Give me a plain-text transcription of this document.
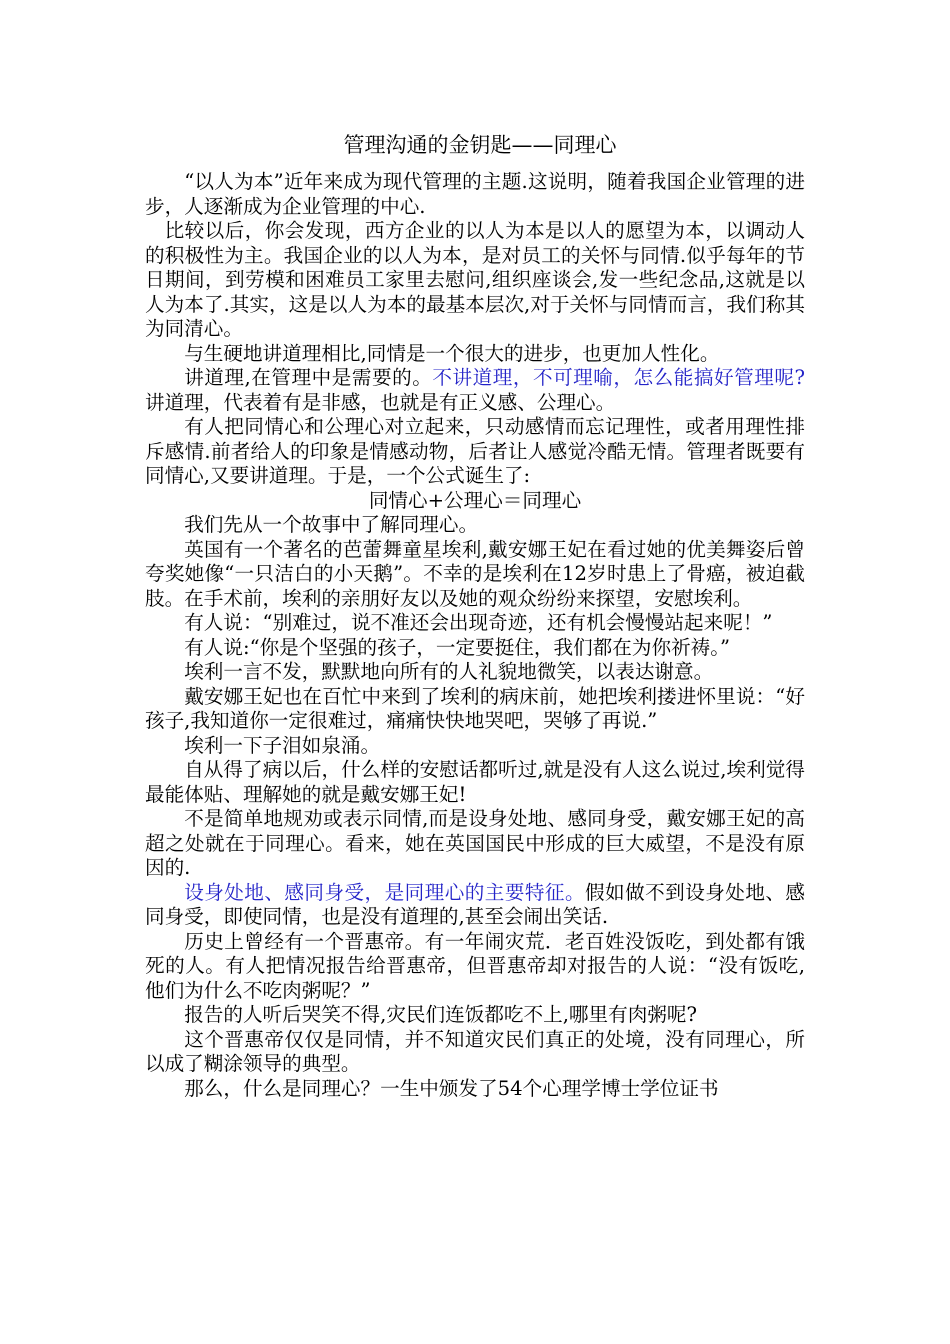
管理沟通的金钥匙——同理心

“以人为本”近年来成为现代管理的主题.这说明，随着我国企业管理的进步，人逐渐成为企业管理的中心.

比较以后，你会发现，西方企业的以人为本是以人的愿望为本，以调动人的积极性为主。我国企业的以人为本，是对员工的关怀与同情.似乎每年的节日期间，到劳模和困难员工家里去慰问,组织座谈会,发一些纪念品,这就是以人为本了.其实，这是以人为本的最基本层次,对于关怀与同情而言，我们称其为同清心。

与生硬地讲道理相比,同情是一个很大的进步，也更加人性化。

讲道理,在管理中是需要的。不讲道理，不可理喻，怎么能搞好管理呢?讲道理，代表着有是非感，也就是有正义感、公理心。

有人把同情心和公理心对立起来，只动感情而忘记理性，或者用理性排斥感情.前者给人的印象是情感动物，后者让人感觉冷酷无情。管理者既要有同情心,又要讲道理。于是，一个公式诞生了:

同情心+公理心＝同理心

我们先从一个故事中了解同理心。

英国有一个著名的芭蕾舞童星埃利,戴安娜王妃在看过她的优美舞姿后曾夸奖她像“一只洁白的小天鹅”。不幸的是埃利在12岁时患上了骨癌，被迫截肢。在手术前，埃利的亲朋好友以及她的观众纷纷来探望，安慰埃利。

有人说：“别难过，说不准还会出现奇迹，还有机会慢慢站起来呢！”

有人说:“你是个坚强的孩子，一定要挺住，我们都在为你祈祷。”

埃利一言不发，默默地向所有的人礼貌地微笑，以表达谢意。

戴安娜王妃也在百忙中来到了埃利的病床前，她把埃利搂进怀里说：“好孩子,我知道你一定很难过，痛痛快快地哭吧，哭够了再说.”

埃利一下子泪如泉涌。

自从得了病以后，什么样的安慰话都听过,就是没有人这么说过,埃利觉得最能体贴、理解她的就是戴安娜王妃!

不是简单地规劝或表示同情,而是设身处地、感同身受，戴安娜王妃的高超之处就在于同理心。看来，她在英国国民中形成的巨大威望，不是没有原因的.

设身处地、感同身受，是同理心的主要特征。假如做不到设身处地、感同身受，即使同情，也是没有道理的,甚至会闹出笑话.

历史上曾经有一个晋惠帝。有一年闹灾荒．老百姓没饭吃，到处都有饿死的人。有人把情况报告给晋惠帝，但晋惠帝却对报告的人说：“没有饭吃,他们为什么不吃肉粥呢？”

报告的人听后哭笑不得,灾民们连饭都吃不上,哪里有肉粥呢?

这个晋惠帝仅仅是同情，并不知道灾民们真正的处境，没有同理心，所以成了糊涂领导的典型。

那么，什么是同理心？一生中颁发了54个心理学博士学位证书
